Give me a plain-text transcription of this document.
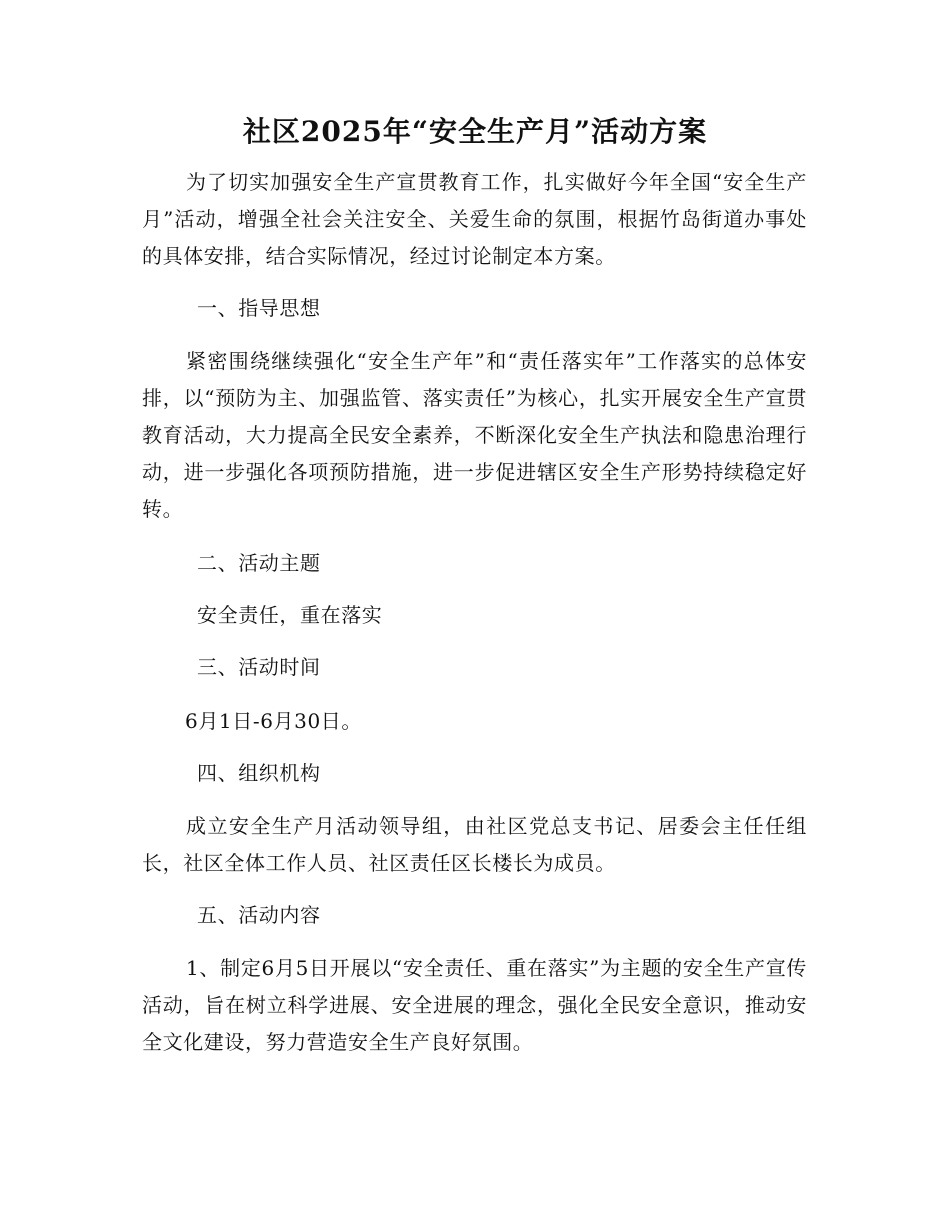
社区2025年“安全生产月”活动方案
为了切实加强安全生产宣贯教育工作，扎实做好今年全国“安全生产月”活动，增强全社会关注安全、关爱生命的氛围，根据竹岛街道办事处的具体安排，结合实际情况，经过讨论制定本方案。
一、指导思想
紧密围绕继续强化“安全生产年”和“责任落实年”工作落实的总体安排，以“预防为主、加强监管、落实责任”为核心，扎实开展安全生产宣贯教育活动，大力提高全民安全素养，不断深化安全生产执法和隐患治理行动，进一步强化各项预防措施，进一步促进辖区安全生产形势持续稳定好转。
二、活动主题
安全责任，重在落实
三、活动时间
6月1日-6月30日。
四、组织机构
成立安全生产月活动领导组，由社区党总支书记、居委会主任任组长，社区全体工作人员、社区责任区长楼长为成员。
五、活动内容
1、制定6月5日开展以“安全责任、重在落实”为主题的安全生产宣传活动，旨在树立科学进展、安全进展的理念，强化全民安全意识，推动安全文化建设，努力营造安全生产良好氛围。
